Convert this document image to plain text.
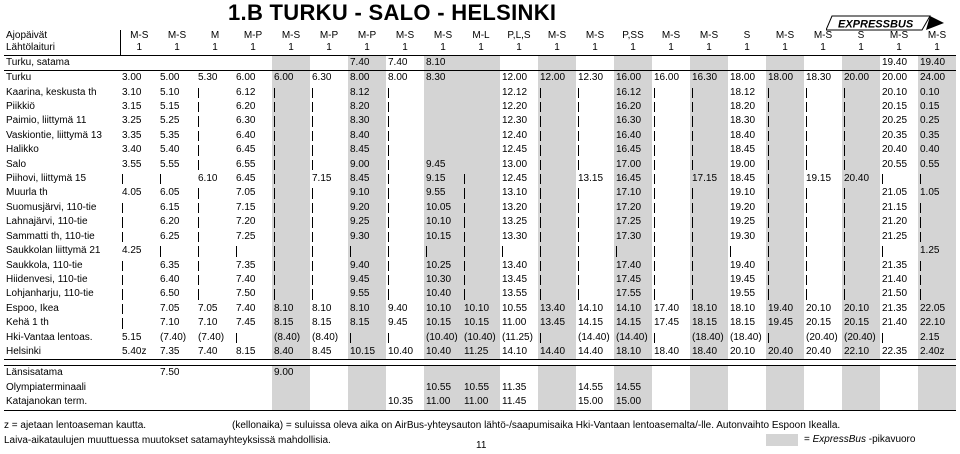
1.B TURKU - SALO - HELSINKI	EXPRESSBUS
Ajopäivät	M-S	M-S	M	M-P	M-S	M-P	M-P	M-S	M-S	M-L	P,L,S	M-S	M-S	P,SS	M-S	M-S	S	M-S	M-S	S	M-S	M-S
Lähtölaituri	1	1	1	1	1	1	1	1	1	1	1	1	1	1	1	1	1	1	1	1	1	1
Turku, satama							7.40	7.40	8.10												19.40	19.40
Turku	3.00	5.00	5.30	6.00	6.00	6.30	8.00	8.00	8.30		12.00	12.00	12.30	16.00	16.00	16.30	18.00	18.00	18.30	20.00	20.00	24.00
Kaarina, keskusta th	3.10	5.10		6.12			8.12				12.12			16.12			18.12				20.10	0.10
Piikkiö	3.15	5.15		6.20			8.20				12.20			16.20			18.20				20.15	0.15
Paimio, liittymä 11	3.25	5.25		6.30			8.30				12.30			16.30			18.30				20.25	0.25
Vaskiontie, liittymä 13	3.35	5.35		6.40			8.40				12.40			16.40			18.40				20.35	0.35
Halikko	3.40	5.40		6.45			8.45				12.45			16.45			18.45				20.40	0.40
Salo	3.55	5.55		6.55			9.00		9.45		13.00			17.00			19.00				20.55	0.55
Piihovi, liittymä 15			6.10	6.45		7.15	8.45		9.15		12.45		13.15	16.45		17.15	18.45		19.15	20.40		
Muurla th	4.05	6.05		7.05			9.10		9.55		13.10			17.10			19.10				21.05	1.05
Suomusjärvi, 110-tie		6.15		7.15			9.20		10.05		13.20			17.20			19.20				21.15	
Lahnajärvi, 110-tie		6.20		7.20			9.25		10.10		13.25			17.25			19.25				21.20	
Sammatti th, 110-tie		6.25		7.25			9.30		10.15		13.30			17.30			19.30				21.25	
Saukkolan liittymä 21	4.25																					1.25
Saukkola, 110-tie		6.35		7.35			9.40		10.25		13.40			17.40			19.40				21.35	
Hiidenvesi, 110-tie		6.40		7.40			9.45		10.30		13.45			17.45			19.45				21.40	
Lohjanharju, 110-tie		6.50		7.50			9.55		10.40		13.55			17.55			19.55				21.50	
Espoo, Ikea		7.05	7.05	7.40	8.10	8.10	8.10	9.40	10.10	10.10	10.55	13.40	14.10	14.10	17.40	18.10	18.10	19.40	20.10	20.10	21.35	22.05
Kehä 1 th		7.10	7.10	7.45	8.15	8.15	8.15	9.45	10.15	10.15	11.00	13.45	14.15	14.15	17.45	18.15	18.15	19.45	20.15	20.15	21.40	22.10
Hki-Vantaa lentoas.	5.15	(7.40)	(7.40)		(8.40)	(8.40)			(10.40)	(10.40)	(11.25)		(14.40)	(14.40)		(18.40)	(18.40)		(20.40)	(20.40)		2.15
Helsinki	5.40z	7.35	7.40	8.15	8.40	8.45	10.15	10.40	10.40	11.25	14.10	14.40	14.40	18.10	18.40	18.40	20.10	20.40	20.40	22.10	22.35	2.40z

Länsisatama		7.50			9.00																	
Olympiaterminaali									10.55	10.55	11.35		14.55	14.55								
Katajanokan term.								10.35	11.00	11.00	11.45		15.00	15.00								
z = ajetaan lentoaseman kautta.	(kellonaika) = suluissa oleva aika on AirBus-yhteysauton lähtö-/saapumisaika Hki-Vantaan lentoasemalta/-lle. Autonvaihto Espoon Ikealla.
Laiva-aikataulujen muuttuessa muutokset satamayhteyksissä mahdollisia.	11
= ExpressBus -pikavuoro
